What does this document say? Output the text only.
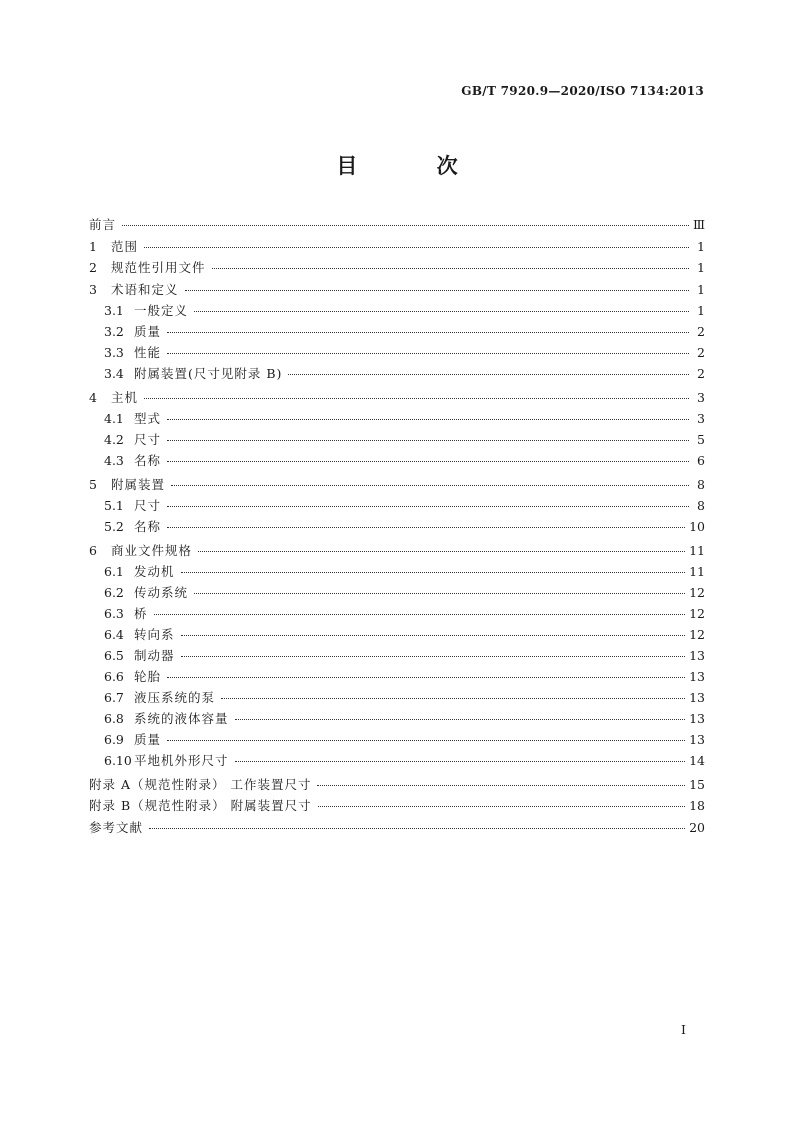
GB/T 7920.9—2020/ISO 7134:2013
目 次
前言	Ⅲ
1	范围	1
2	规范性引用文件	1
3	术语和定义	1
3.1 一般定义	1
3.2 质量	2
3.3 性能	2
3.4 附属装置(尺寸见附录 B)	2
4	主机	3
4.1 型式	3
4.2 尺寸	5
4.3 名称	6
5	附属装置	8
5.1 尺寸	8
5.2 名称	10
6	商业文件规格	11
6.1 发动机	11
6.2 传动系统	12
6.3 桥	12
6.4 转向系	12
6.5 制动器	13
6.6 轮胎	13
6.7 液压系统的泵	13
6.8 系统的液体容量	13
6.9 质量	13
6.10 平地机外形尺寸	14
附录 A（规范性附录） 工作装置尺寸	15
附录 B（规范性附录） 附属装置尺寸	18
参考文献	20
I
